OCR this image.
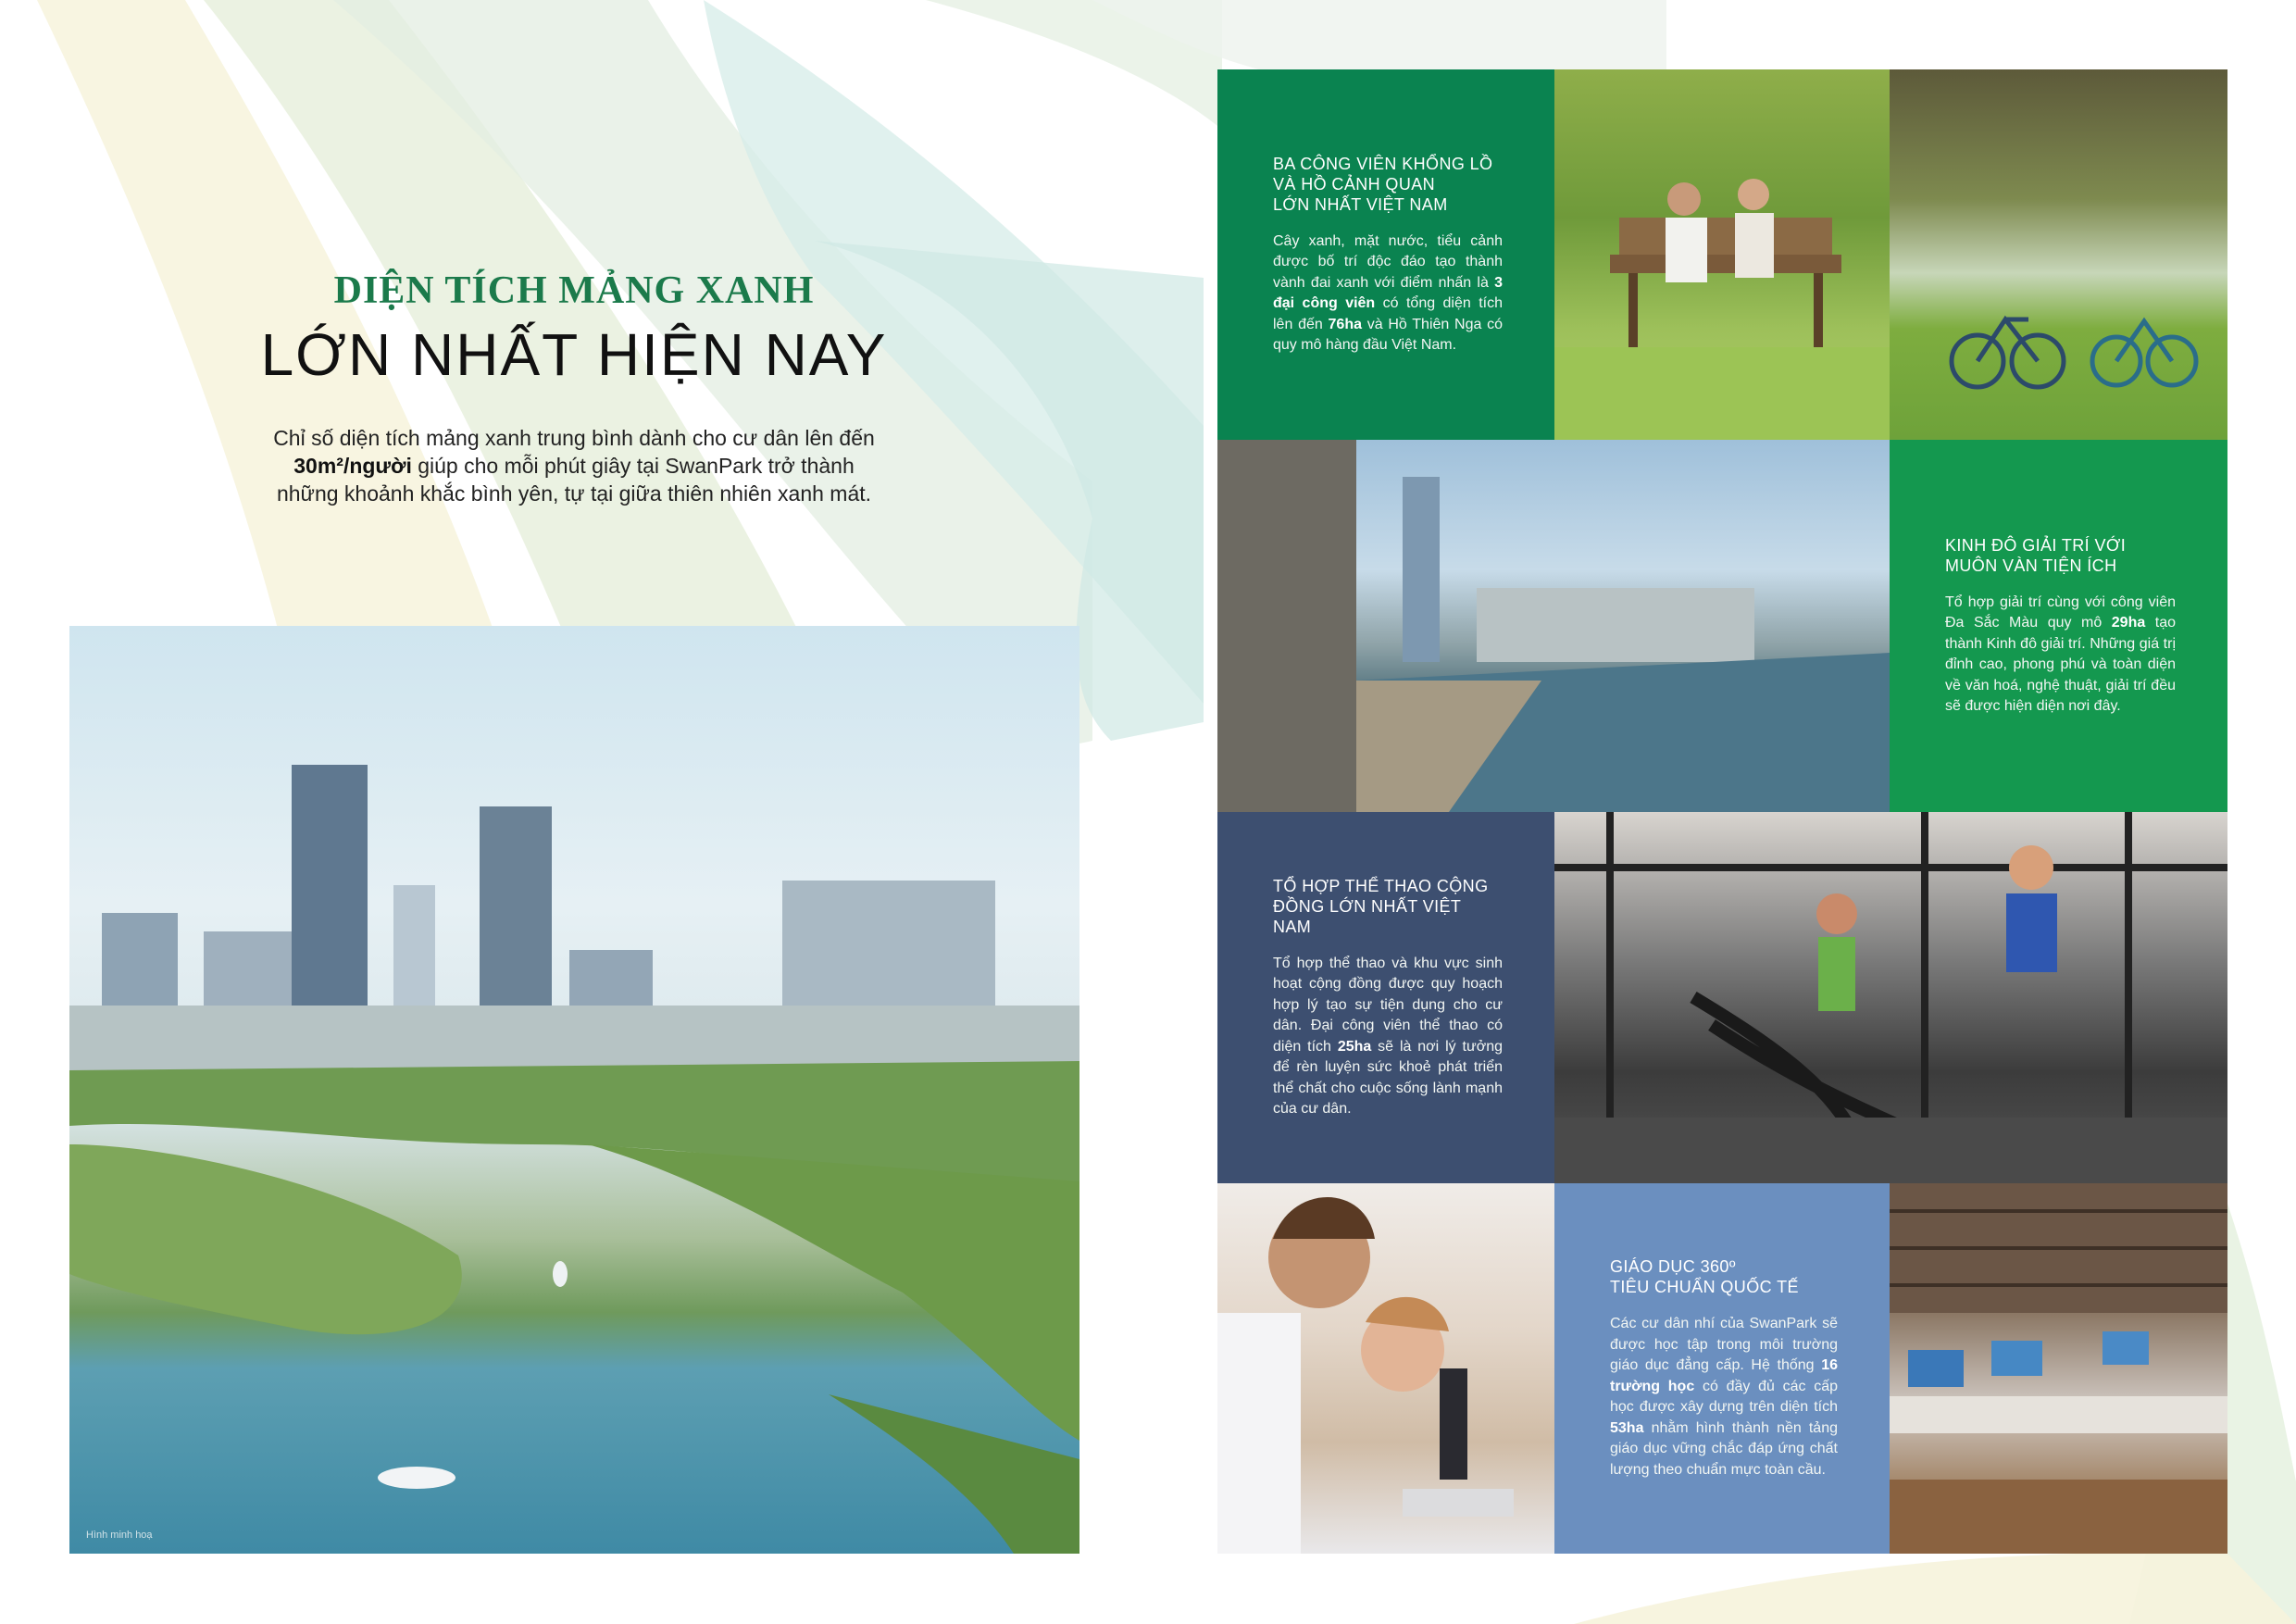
DIỆN TÍCH MẢNG XANH
LỚN NHẤT HIỆN NAY
Chỉ số diện tích mảng xanh trung bình dành cho cư dân lên đến
30m²/người giúp cho mỗi phút giây tại SwanPark trở thành
những khoảnh khắc bình yên, tự tại giữa thiên nhiên xanh mát.
Hình minh hoạ
BA CÔNG VIÊN KHỔNG LỒ
VÀ HỒ CẢNH QUAN
LỚN NHẤT VIỆT NAM

Cây xanh, mặt nước, tiểu cảnh được bố trí độc đáo tạo thành vành đai xanh với điểm nhấn là 3 đại công viên có tổng diện tích lên đến 76ha và Hồ Thiên Nga có quy mô hàng đầu Việt Nam.

KINH ĐÔ GIẢI TRÍ VỚI
MUÔN VÀN TIỆN ÍCH

Tổ hợp giải trí cùng với công viên Đa Sắc Màu quy mô 29ha tạo thành Kinh đô giải trí. Những giá trị đỉnh cao, phong phú và toàn diện về văn hoá, nghệ thuật, giải trí đều sẽ được hiện diện nơi đây.

TỔ HỢP THỂ THAO CỘNG
ĐỒNG LỚN NHẤT VIỆT NAM

Tổ hợp thể thao và khu vực sinh hoạt cộng đồng được quy hoạch hợp lý tạo sự tiện dụng cho cư dân. Đại công viên thể thao có diện tích 25ha sẽ là nơi lý tưởng để rèn luyện sức khoẻ phát triển thể chất cho cuộc sống lành mạnh của cư dân.

GIÁO DỤC 360º
TIÊU CHUẨN QUỐC TẾ

Các cư dân nhí của SwanPark sẽ được học tập trong môi trường giáo dục đẳng cấp. Hệ thống 16 trường học có đầy đủ các cấp học được xây dựng trên diện tích 53ha nhằm hình thành nền tảng giáo dục vững chắc đáp ứng chất lượng theo chuẩn mực toàn cầu.
